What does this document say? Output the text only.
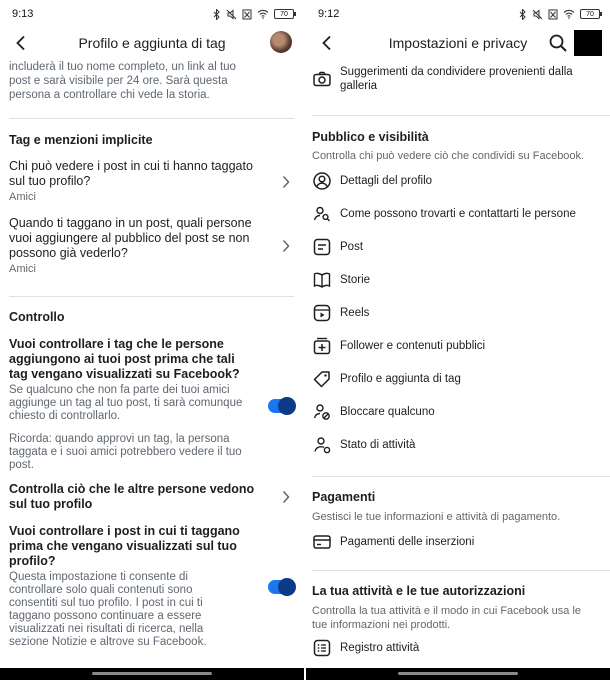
9:13	70
Profilo e aggiunta di tag

includerà il tuo nome completo, un link al tuo post e sarà visibile per 24 ore. Sarà questa persona a controllare chi vede la storia.

Tag e menzioni implicite
Chi può vedere i post in cui ti hanno taggato sul tuo profilo?
Amici
Quando ti taggano in un post, quali persone vuoi aggiungere al pubblico del post se non possono già vederlo?
Amici
Controllo
Vuoi controllare i tag che le persone aggiungono ai tuoi post prima che tali tag vengano visualizzati su Facebook?
Se qualcuno che non fa parte dei tuoi amici aggiunge un tag al tuo post, ti sarà comunque chiesto di controllarlo.
Ricorda: quando approvi un tag, la persona taggata e i suoi amici potrebbero vedere il tuo post.
Controlla ciò che le altre persone vedono sul tuo profilo
Vuoi controllare i post in cui ti taggano prima che vengano visualizzati sul tuo profilo?
Questa impostazione ti consente di controllare solo quali contenuti sono consentiti sul tuo profilo. I post in cui ti taggano possono continuare a essere visualizzati nei risultati di ricerca, nella sezione Notizie e altrove su Facebook.
9:12	70
Impostazioni e privacy
Suggerimenti da condividere provenienti dalla galleria
Pubblico e visibilità
Controlla chi può vedere ciò che condividi su Facebook.
Dettagli del profilo
Come possono trovarti e contattarti le persone
Post
Storie
Reels
Follower e contenuti pubblici
Profilo e aggiunta di tag
Bloccare qualcuno
Stato di attività
Pagamenti
Gestisci le tue informazioni e attività di pagamento.
Pagamenti delle inserzioni
La tua attività e le tue autorizzazioni
Controlla la tua attività e il modo in cui Facebook usa le tue informazioni nei prodotti.
Registro attività
